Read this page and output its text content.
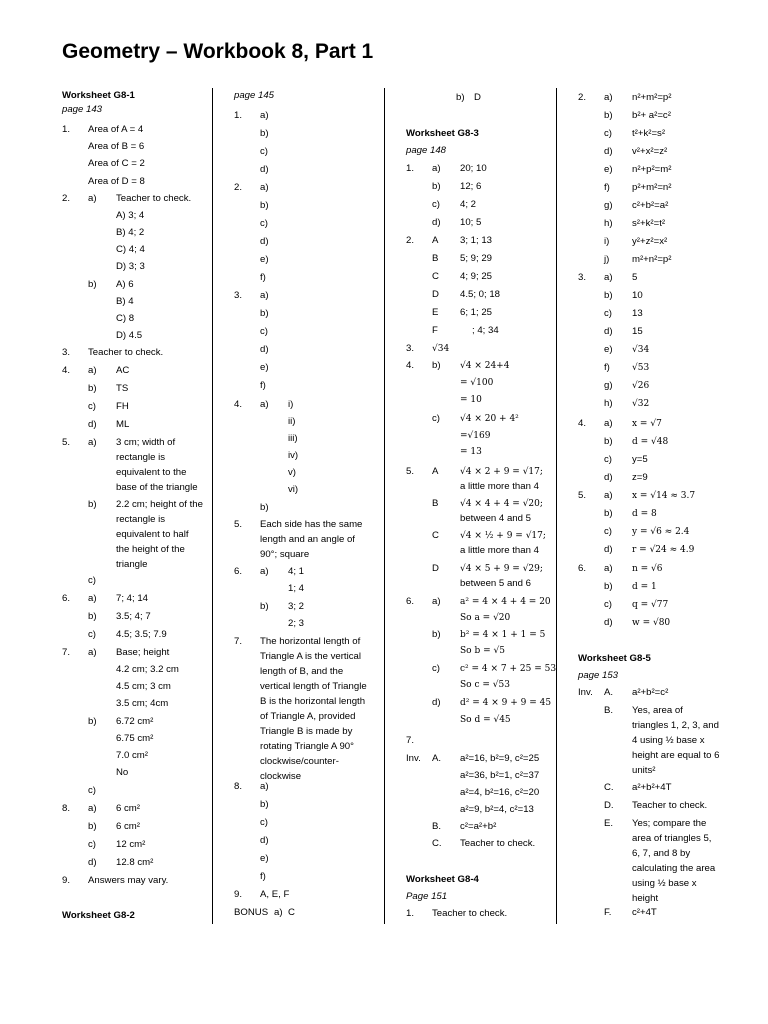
Geometry – Workbook 8, Part 1
Worksheet G8-1
page 143
1. Area of A = 4
Area of B = 6
Area of C = 2
Area of D = 8
2. a) Teacher to check.
A) 3; 4
B) 4; 2
C) 4; 4
D) 3; 3
b) A) 6
B) 4
C) 8
D) 4.5
3. Teacher to check.
4. a) AC
b) TS
c) FH
d) ML
5. a) 3 cm; width of
rectangle is
equivalent to the
base of the triangle
b) 2.2 cm; height of the
rectangle is
equivalent to half
the height of the
triangle
c)
6. a) 7; 4; 14
b) 3.5; 4; 7
c) 4.5; 3.5; 7.9
7. a) Base; height
4.2 cm; 3.2 cm
4.5 cm; 3 cm
3.5 cm; 4cm
b) 6.72 cm²
6.75 cm²
7.0 cm²
No
c)
8. a) 6 cm²
b) 6 cm²
c) 12 cm²
d) 12.8 cm²
9. Answers may vary.
Worksheet G8-2
page 145
1. a)
b)
c)
d)
2. a)
b)
c)
d)
e)
f)
3. a)
b)
c)
d)
e)
f)
4. a) i)
ii)
iii)
iv)
v)
vi)
b)
5. Each side has the same
length and an angle of
90°; square
6. a) 4; 1
1; 4
b) 3; 2
2; 3
7. The horizontal length of
Triangle A is the vertical
length of B, and the
vertical length of Triangle
B is the horizontal length
of Triangle A, provided
Triangle B is made by
rotating Triangle A 90°
clockwise/counter-
clockwise
8. a)
b)
c)
d)
e)
f)
9. A, E, F
BONUS a) C
b) D
Worksheet G8-3
page 148
1. a) 20; 10
b) 12; 6
c) 4; 2
d) 10; 5
2. A 3; 1; 13
B 5; 9; 29
C 4; 9; 25
D 4.5; 0; 18
E 6; 1; 25
F	; 4; 34
3. √34
4. b) √4 × 24+4
= √100
= 10
c) √4 × 20 + 4²
=√169
= 13
5. A √4 × 2 + 9 = √17;
a little more than 4
B √4 × 4 + 4 = √20;
between 4 and 5
C √4 × ½ + 9 = √17;
a little more than 4
D √4 × 5 + 9 = √29;
between 5 and 6
6. a) a² = 4 × 4 + 4 = 20
So a = √20
b) b² = 4 × 1 + 1 = 5
So b = √5
c) c² = 4 × 7 + 25 = 53
So c = √53
d) d² = 4 × 9 + 9 = 45
So d = √45
7.
Inv. A. a²=16, b²=9, c²=25
a²=36, b²=1, c²=37
a²=4, b²=16, c²=20
a²=9, b²=4, c²=13
B. c²=a²+b²
C. Teacher to check.
Worksheet G8-4
Page 151
1. Teacher to check.
2. a) n²+m²=p²
b) b²+ a²=c²
c) t²+k²=s²
d) v²+x²=z²
e) n²+p²=m²
f) p²+m²=n²
g) c²+b²=a²
h) s²+k²=t²
i) y²+z²=x²
j) m²+n²=p²
3. a) 5
b) 10
c) 13
d) 15
e) √34
f) √53
g) √26
h) √32
4. a) x = √7
b) d = √48
c) y=5
d) z=9
5. a) x = √14 ≈ 3.7
b) d = 8
c) y = √6 ≈ 2.4
d) r = √24 ≈ 4.9
6. a) n = √6
b) d = 1
c) q = √77
d) w = √80
Worksheet G8-5
page 153
Inv. A. a²+b²=c²
B. Yes, area of
triangles 1, 2, 3, and
4 using ½ base x
height are equal to 6
units²
C. a²+b²+4T
D. Teacher to check.
E. Yes; compare the
area of triangles 5,
6, 7, and 8 by
calculating the area
using ½ base x
height
F. c²+4T
